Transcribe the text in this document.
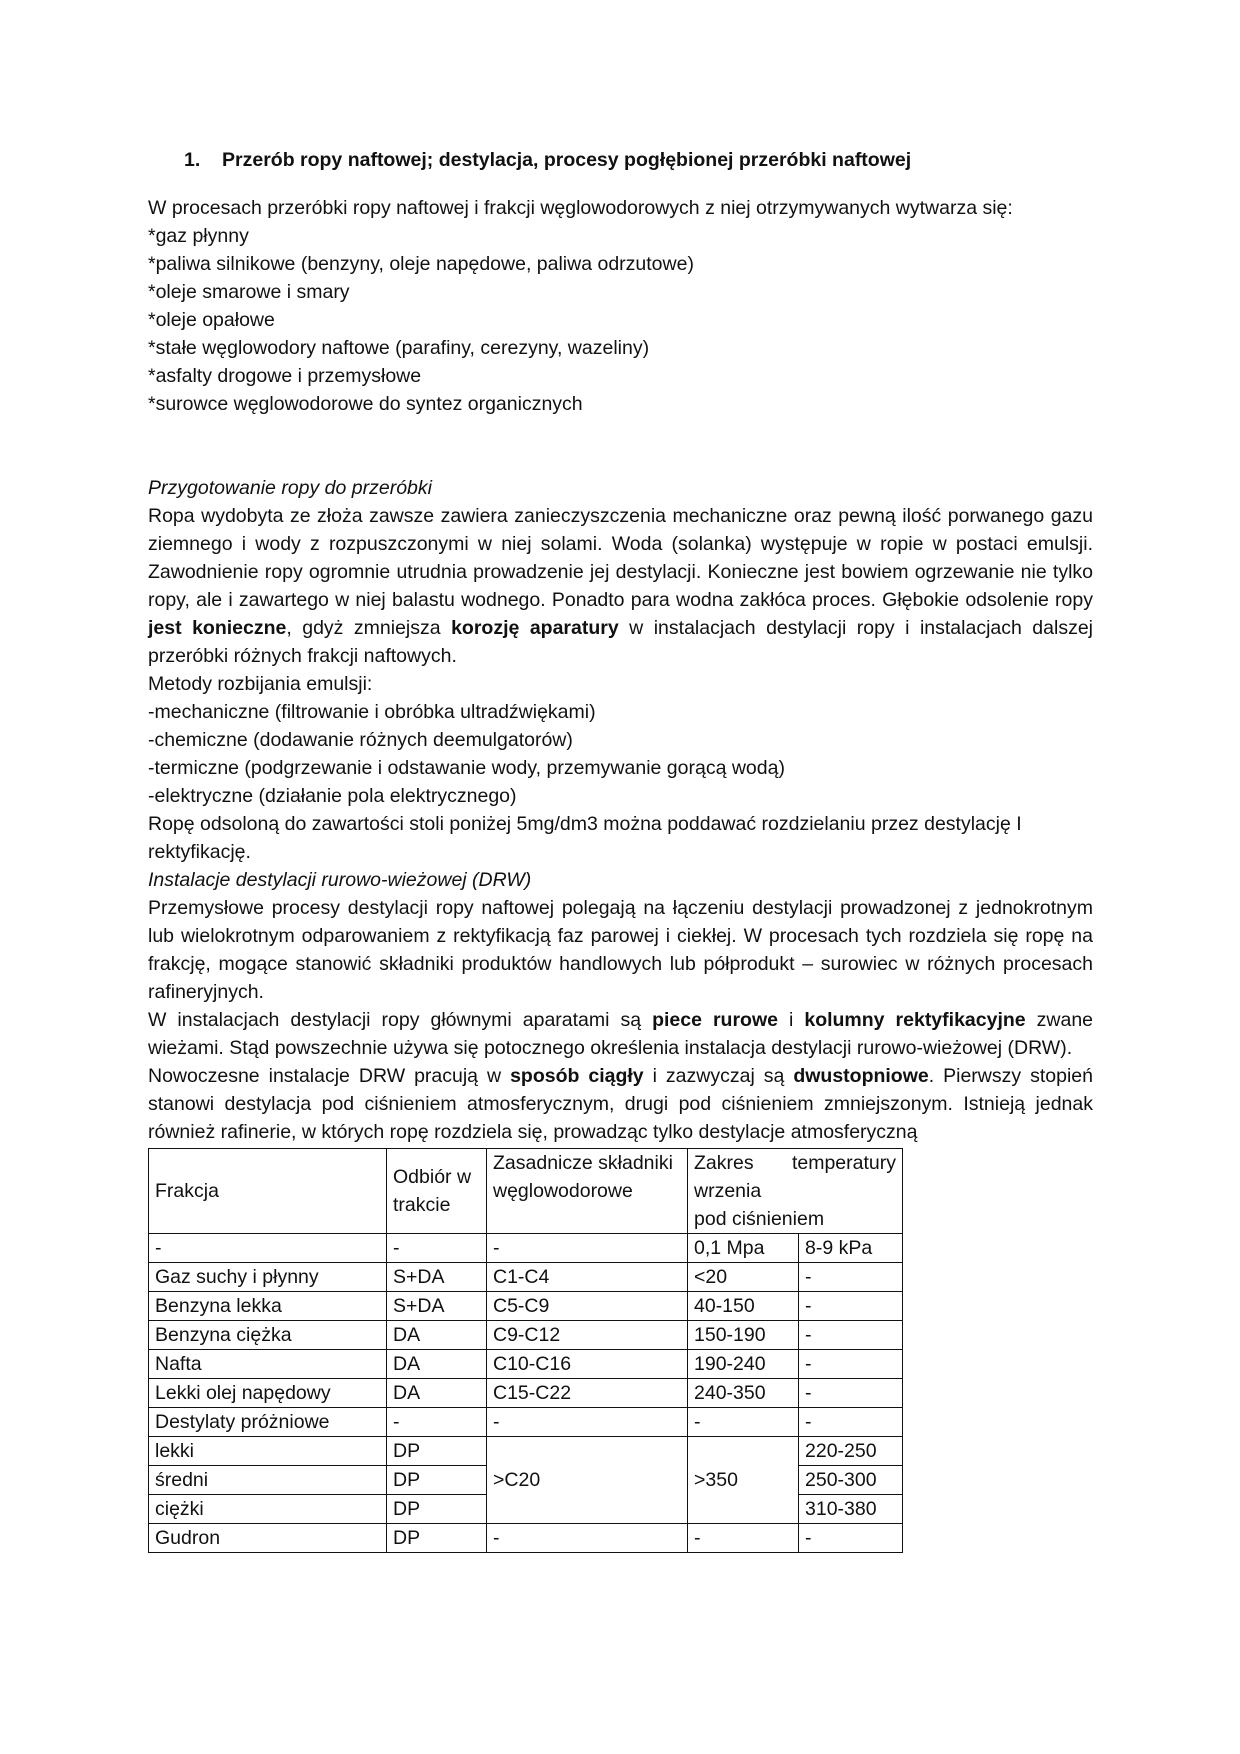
1. Przerób ropy naftowej; destylacja, procesy pogłębionej przeróbki naftowej

W procesach przeróbki ropy naftowej i frakcji węglowodorowych z niej otrzymywanych wytwarza się:

*gaz płynny

*paliwa silnikowe (benzyny, oleje napędowe, paliwa odrzutowe)

*oleje smarowe i smary

*oleje opałowe

*stałe węglowodory naftowe (parafiny, cerezyny, wazeliny)

*asfalty drogowe i przemysłowe

*surowce węglowodorowe do syntez organicznych

Przygotowanie ropy do przeróbki

Ropa wydobyta ze złoża zawsze zawiera zanieczyszczenia mechaniczne oraz pewną ilość porwanego gazu ziemnego i wody z rozpuszczonymi w niej solami. Woda (solanka) występuje w ropie w postaci emulsji. Zawodnienie ropy ogromnie utrudnia prowadzenie jej destylacji. Konieczne jest bowiem ogrzewanie nie tylko ropy, ale i zawartego w niej balastu wodnego. Ponadto para wodna zakłóca proces. Głębokie odsolenie ropy jest konieczne, gdyż zmniejsza korozję aparatury w instalacjach destylacji ropy i instalacjach dalszej przeróbki różnych frakcji naftowych.

Metody rozbijania emulsji:

-mechaniczne (filtrowanie i obróbka ultradźwiękami)

-chemiczne (dodawanie różnych deemulgatorów)

-termiczne (podgrzewanie i odstawanie wody, przemywanie gorącą wodą)

-elektryczne (działanie pola elektrycznego)

Ropę odsoloną do zawartości stoli poniżej 5mg/dm3 można poddawać rozdzielaniu przez destylację I rektyfikację.

Instalacje destylacji rurowo-wieżowej (DRW)

Przemysłowe procesy destylacji ropy naftowej polegają na łączeniu destylacji prowadzonej z jednokrotnym lub wielokrotnym odparowaniem z rektyfikacją faz parowej i ciekłej. W procesach tych rozdziela się ropę na frakcję, mogące stanowić składniki produktów handlowych lub półprodukt – surowiec w różnych procesach rafineryjnych.

W instalacjach destylacji ropy głównymi aparatami są piece rurowe i kolumny rektyfikacyjne zwane wieżami. Stąd powszechnie używa się potocznego określenia instalacja destylacji rurowo-wieżowej (DRW).

Nowoczesne instalacje DRW pracują w sposób ciągły i zazwyczaj są dwustopniowe. Pierwszy stopień stanowi destylacja pod ciśnieniem atmosferycznym, drugi pod ciśnieniem zmniejszonym. Istnieją jednak również rafinerie, w których ropę rozdziela się, prowadząc tylko destylacje atmosferyczną

Frakcja	Odbiór w trakcie	Zasadnicze składniki węglowodorowe	Zakres temperatury
wrzenia
pod ciśnieniem	

-	-	-	0,1 Mpa	8-9 kPa
Gaz suchy i płynny	S+DA	C1-C4	<20	-
Benzyna lekka	S+DA	C5-C9	40-150	-
Benzyna ciężka	DA	C9-C12	150-190	-
Nafta	DA	C10-C16	190-240	-
Lekki olej napędowy	DA	C15-C22	240-350	-
Destylaty próżniowe	-	-	-	-
lekki	DP	>C20	>350	220-250
średni	DP			250-300
ciężki	DP			310-380
Gudron	DP	-	-	-
